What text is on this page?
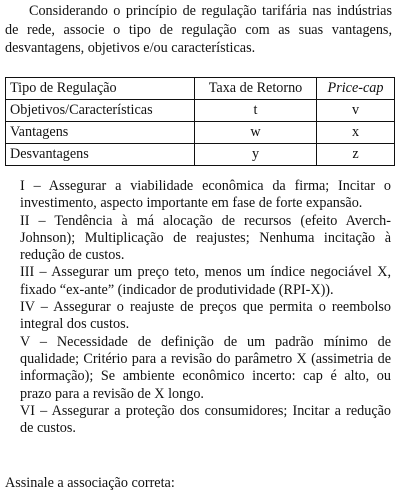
Considerando o princípio de regulação tarifária nas indústrias de rede, associe o tipo de regulação com as suas vantagens, desvantagens, objetivos e/ou características.

Tipo de Regulação	Taxa de Retorno	Price-cap
Objetivos/Características	t	v
Vantagens	w	x
Desvantagens	y	z
I – Assegurar a viabilidade econômica da firma; Incitar o investimento, aspecto importante em fase de forte expansão.
II – Tendência à má alocação de recursos (efeito Averch-Johnson); Multiplicação de reajustes; Nenhuma incitação à redução de custos.
III – Assegurar um preço teto, menos um índice negociável X, fixado “ex-ante” (indicador de produtividade (RPI-X)).
IV – Assegurar o reajuste de preços que permita o reembolso integral dos custos.
V – Necessidade de definição de um padrão mínimo de qualidade; Critério para a revisão do parâmetro X (assimetria de informação); Se ambiente econômico incerto: cap é alto, ou prazo para a revisão de X longo.
VI – Assegurar a proteção dos consumidores; Incitar a redução de custos.

Assinale a associação correta:
